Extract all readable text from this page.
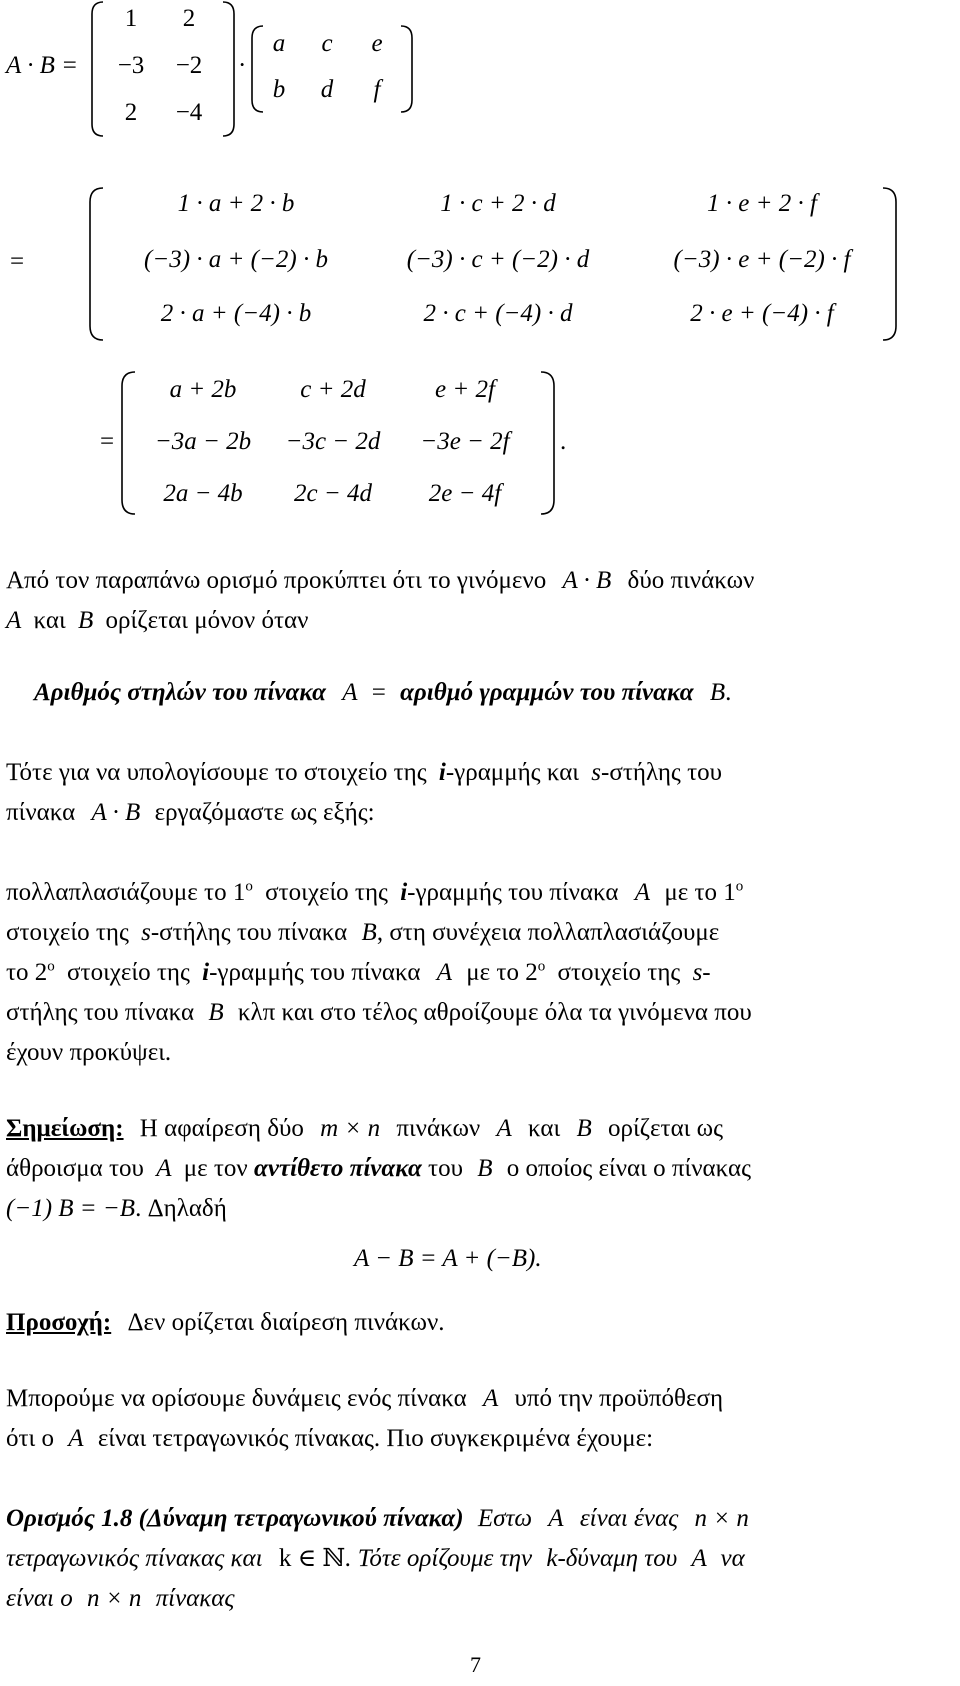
A · B =
1	2
−3	−2
2	−4
·
a	c	e
b	d	f
=
1 · a + 2 · b	1 · c + 2 · d	1 · e + 2 · f
(−3) · a + (−2) · b	(−3) · c + (−2) · d	(−3) · e + (−2) · f
2 · a + (−4) · b	2 · c + (−4) · d	2 · e + (−4) · f
=
a + 2b	c + 2d	e + 2f
−3a − 2b	−3c − 2d	−3e − 2f
2a − 4b	2c − 4d	2e − 4f
.
Από τον παραπάνω ορισμό προκύπτει ότι το γινόμενο A · B δύο πινάκων
A και B ορίζεται μόνον όταν
Αριθμός στηλών του πίνακα A = αριθμό γραμμών του πίνακα B.
Τότε για να υπολογίσουμε το στοιχείο της i-γραμμής και s-στήλης του
πίνακα A · B εργαζόμαστε ως εξής:
πολλαπλασιάζουμε το $1^o$ στοιχείο της i-γραμμής του πίνακα A με το $1^o$
στοιχείο της s-στήλης του πίνακα B, στη συνέχεια πολλαπλασιάζουμε
το $2^o$ στοιχείο της i-γραμμής του πίνακα A με το $2^o$ στοιχείο της s-
στήλης του πίνακα B κλπ και στο τέλος αθροίζουμε όλα τα γινόμενα που
έχουν προκύψει.
Σημείωση: Η αφαίρεση δύο m × n πινάκων A και B ορίζεται ως
άθροισμα του A με τον αντίθετο πίνακα του B ο οποίος είναι ο πίνακας
(−1) B = −B. Δηλαδή
A − B = A + (−B).
Προσοχή: Δεν ορίζεται διαίρεση πινάκων.
Μπορούμε να ορίσουμε δυνάμεις ενός πίνακα A υπό την προϋπόθεση
ότι ο A είναι τετραγωνικός πίνακας. Πιο συγκεκριμένα έχουμε:
Ορισμός 1.8 (Δύναμη τετραγωνικού πίνακα) Εστω A είναι ένας n × n
τετραγωνικός πίνακας και k ∈ ℕ. Τότε ορίζουμε την k-δύναμη του A να
είναι ο n × n πίνακας
7
